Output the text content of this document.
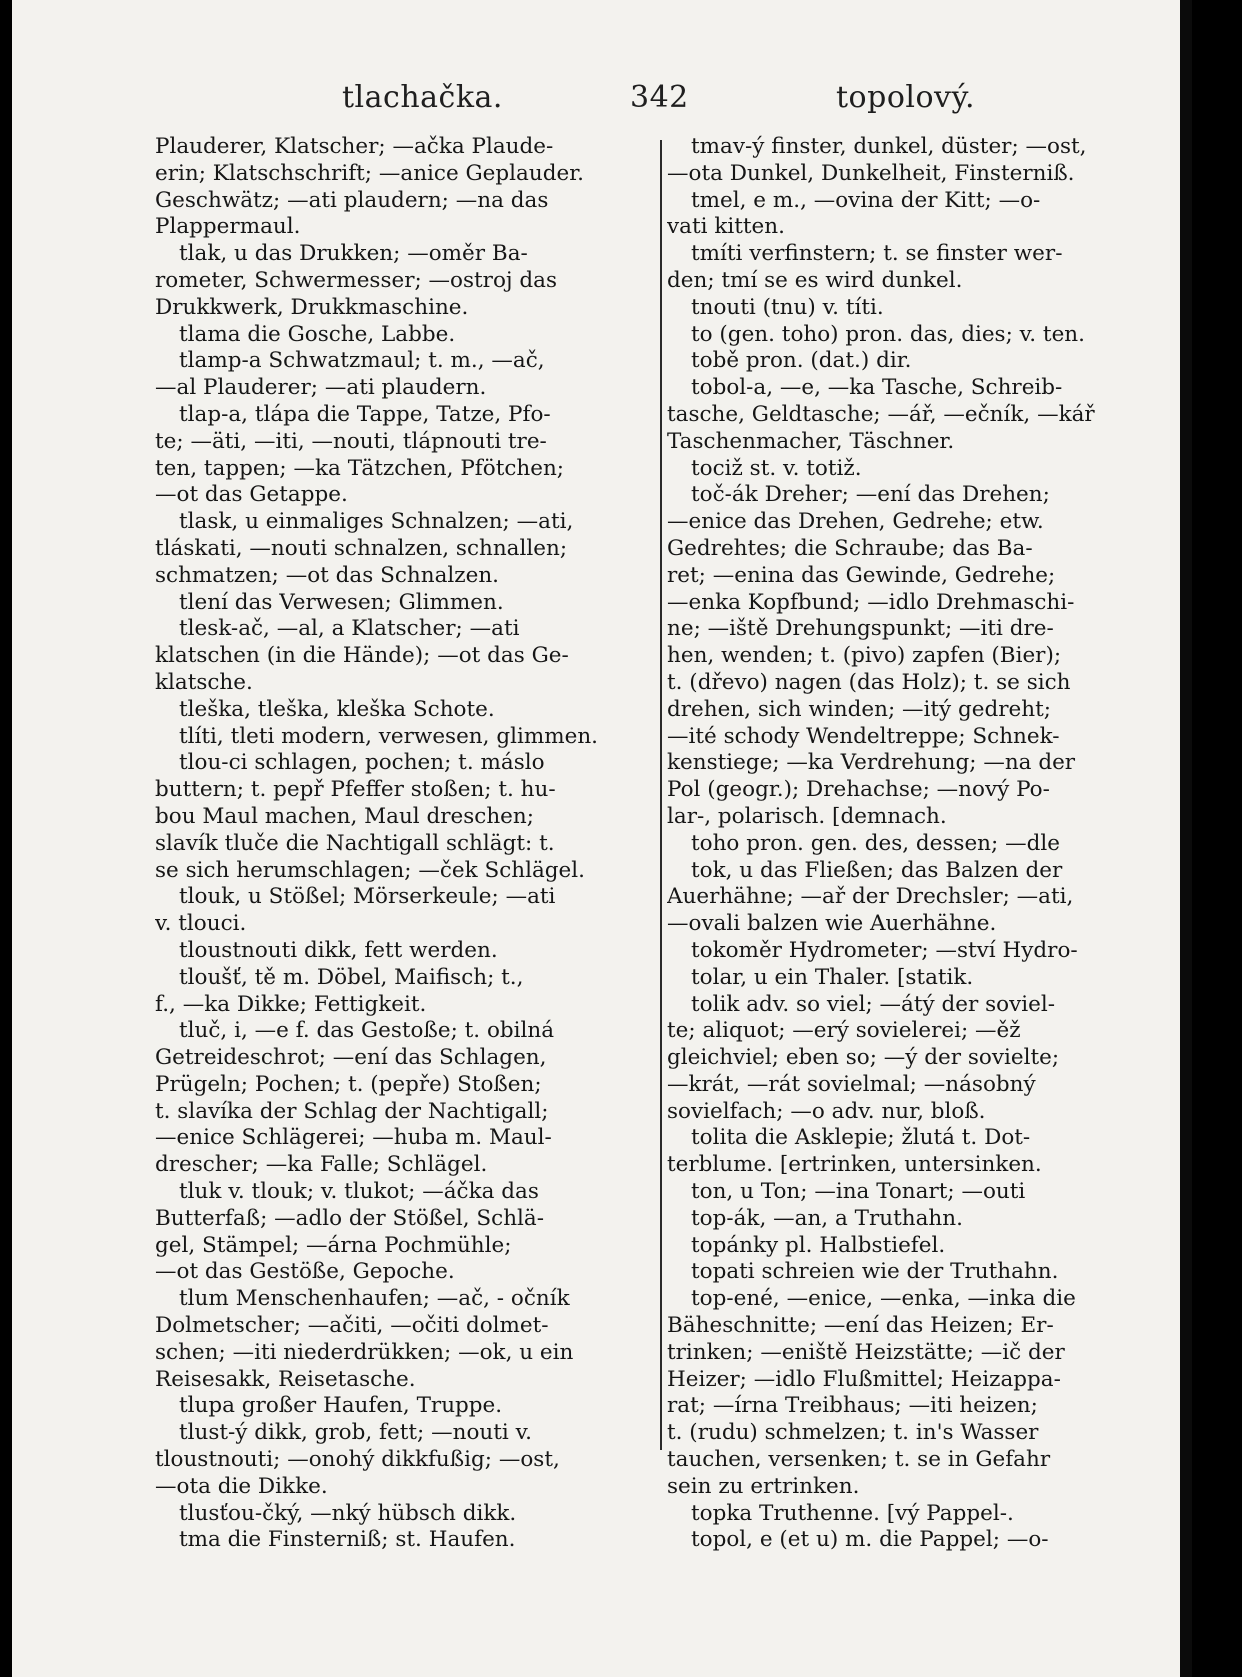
tlachačka.	342	topolový.
Plauderer, Klatscher; —ačka Plaude-
erin; Klatschschrift; —anice Geplauder.
Geschwätz; —ati plaudern; —na das
Plappermaul.
tlak, u das Drukken; —oměr Ba-
rometer, Schwermesser; —ostroj das
Drukkwerk, Drukkmaschine.
tlama die Gosche, Labbe.
tlamp-a Schwatzmaul; t. m., —ač,
—al Plauderer; —ati plaudern.
tlap-a, tlápa die Tappe, Tatze, Pfo-
te; —äti, —iti, —nouti, tlápnouti tre-
ten, tappen; —ka Tätzchen, Pfötchen;
—ot das Getappe.
tlask, u einmaliges Schnalzen; —ati,
tláskati, —nouti schnalzen, schnallen;
schmatzen; —ot das Schnalzen.
tlení das Verwesen; Glimmen.
tlesk-ač, —al, a Klatscher; —ati
klatschen (in die Hände); —ot das Ge-
klatsche.
tleškа, tleška, kleška Schote.
tlíti, tleti modern, verwesen, glimmen.
tlou-ci schlagen, pochen; t. máslo
buttern; t. pepř Pfeffer stoßen; t. hu-
bou Maul machen, Maul dreschen;
slavík tluče die Nachtigall schlägt: t.
se sich herumschlagen; —ček Schlägel.
tlouk, u Stößel; Mörserkeule; —ati
v. tlouci.
tloustnouti dikk, fett werden.
tloušť, tě m. Döbel, Maifisch; t.,
f., —ka Dikke; Fettigkeit.
tluč, i, —e f. das Gestoße; t. obilná
Getreideschrot; —ení das Schlagen,
Prügeln; Pochen; t. (pepře) Stoßen;
t. slavíka der Schlag der Nachtigall;
—enice Schlägerei; —huba m. Maul-
drescher; —ka Falle; Schlägel.
tluk v. tlouk; v. tlukot; —áčka das
Butterfaß; —adlo der Stößel, Schlä-
gel, Stämpel; —árna Pochmühle;
—ot das Gestöße, Gepoche.
tlum Menschenhaufen; —ač, - očník
Dolmetscher; —ačiti, —očiti dolmet-
schen; —iti niederdrükken; —ok, u ein
Reisesakk, Reisetasche.
tlupa großer Haufen, Truppe.
tlust-ý dikk, grob, fett; —nouti v.
tloustnouti; —onohý dikkfußig; —ost,
—ota die Dikke.
tlusťou-čký, —nký hübsch dikk.
tma die Finsterniß; st. Haufen.
tmav-ý finster, dunkel, düster; —ost,
—ota Dunkel, Dunkelheit, Finsterniß.
tmel, e m., —ovina der Kitt; —o-
vati kitten.
tmíti verfinstern; t. se finster wer-
den; tmí se es wird dunkel.
tnouti (tnu) v. títi.
to (gen. toho) pron. das, dies; v. ten.
tobě pron. (dat.) dir.
tobol-a, —e, —ka Tasche, Schreib-
tasche, Geldtasche; —ář, —ečník, —kář
Taschenmacher, Täschner.
tociž st. v. totiž.
toč-ák Dreher; —ení das Drehen;
—enice das Drehen, Gedrehe; etw.
Gedrehtes; die Schraube; das Ba-
ret; —enina das Gewinde, Gedrehe;
—enka Kopfbund; —idlo Drehmaschi-
ne; —iště Drehungspunkt; —iti dre-
hen, wenden; t. (pivo) zapfen (Bier);
t. (dřevo) nagen (das Holz); t. se sich
drehen, sich winden; —itý gedreht;
—ité schody Wendeltreppe; Schnek-
kenstiege; —ka Verdrehung; —na der
Pol (geogr.); Drehachse; —nový Po-
lar-, polarisch. [demnach.
toho pron. gen. des, dessen; —dle
tok, u das Fließen; das Balzen der
Auerhähne; —ař der Drechsler; —ati,
—ovali balzen wie Auerhähne.
tokoměr Hydrometer; —ství Hydro-
tolar, u ein Thaler. [statik.
tolik adv. so viel; —átý der soviel-
te; aliquot; —erý sovielerei; —ěž
gleichviel; eben so; —ý der sovielte;
—krát, —rát sovielmal; —násobný
sovielfach; —o adv. nur, bloß.
tolita die Asklepie; žlutá t. Dot-
terblume. [ertrinken, untersinken.
ton, u Ton; —ina Tonart; —outi
top-ák, —an, a Truthahn.
topánky pl. Halbstiefel.
topati schreien wie der Truthahn.
top-ené, —enice, —enka, —inka die
Bäheschnitte; —ení das Heizen; Er-
trinken; —eniště Heizstätte; —ič der
Heizer; —idlo Flußmittel; Heizappa-
rat; —írna Treibhaus; —iti heizen;
t. (rudu) schmelzen; t. in's Wasser
tauchen, versenken; t. se in Gefahr
sein zu ertrinken.
topka Truthenne. [vý Pappel-.
topol, e (et u) m. die Pappel; —o-
